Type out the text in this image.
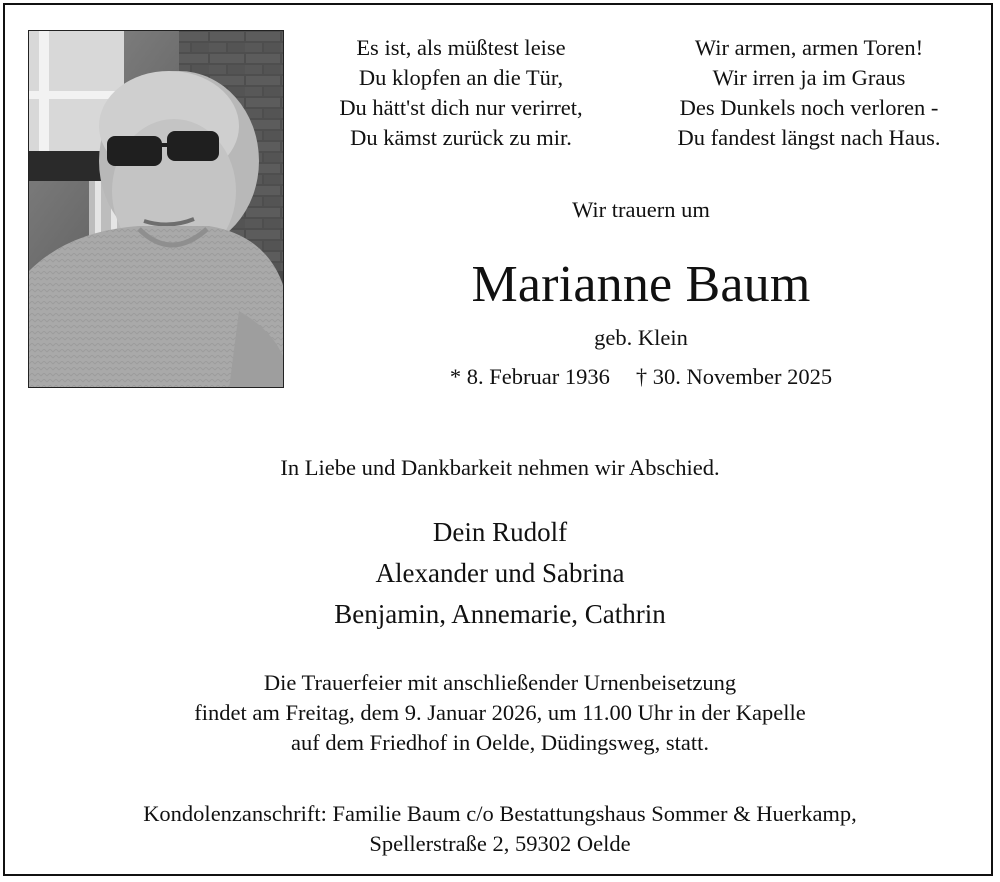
Es ist, als müßtest leise
Du klopfen an die Tür,
Du hätt'st dich nur verirret,
Du kämst zurück zu mir.
Wir armen, armen Toren!
Wir irren ja im Graus
Des Dunkels noch verloren -
Du fandest längst nach Haus.
Wir trauern um
Marianne Baum
geb. Klein
* 8. Februar 1936 † 30. November 2025
In Liebe und Dankbarkeit nehmen wir Abschied.
Dein Rudolf
Alexander und Sabrina
Benjamin, Annemarie, Cathrin
Die Trauerfeier mit anschließender Urnenbeisetzung
findet am Freitag, dem 9. Januar 2026, um 11.00 Uhr in der Kapelle
auf dem Friedhof in Oelde, Düdingsweg, statt.
Kondolenzanschrift: Familie Baum c/o Bestattungshaus Sommer & Huerkamp,
Spellerstraße 2, 59302 Oelde
